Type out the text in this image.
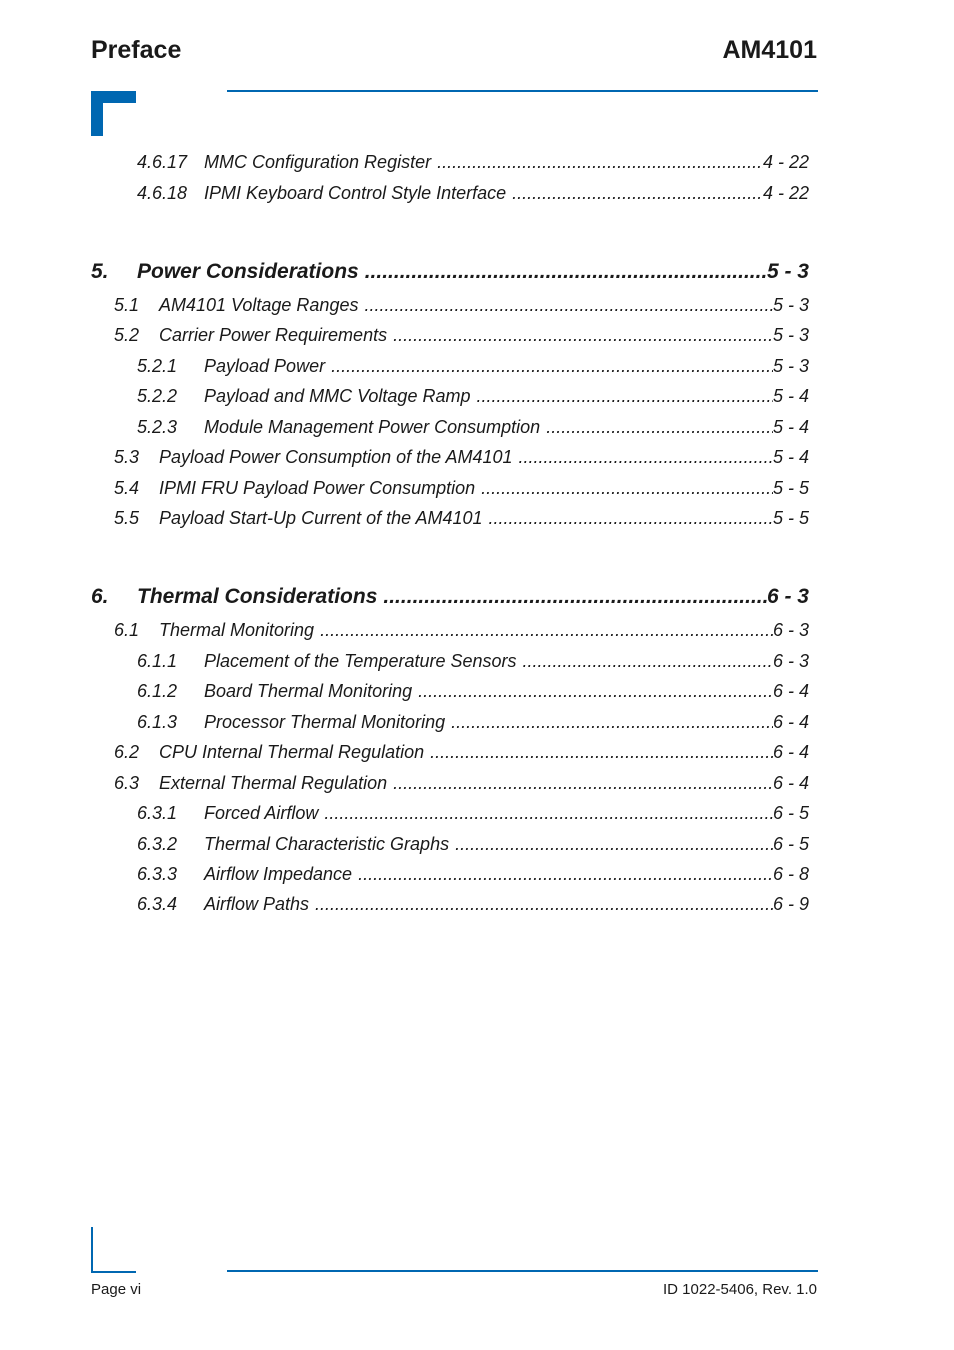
Preface	AM4101
4.6.17 MMC Configuration Register .....	4 - 22
4.6.18 IPMI Keyboard Control Style Interface .....	4 - 22
5.	Power Considerations .....	5 - 3
5.1	AM4101 Voltage Ranges .....	5 - 3
5.2	Carrier Power Requirements .....	5 - 3
5.2.1	Payload Power .....	5 - 3
5.2.2	Payload and MMC Voltage Ramp .....	5 - 4
5.2.3	Module Management Power Consumption .....	5 - 4
5.3	Payload Power Consumption of the AM4101 .....	5 - 4
5.4	IPMI FRU Payload Power Consumption .....	5 - 5
5.5	Payload Start-Up Current of the AM4101 .....	5 - 5
6.	Thermal Considerations .....	6 - 3
6.1	Thermal Monitoring .....	6 - 3
6.1.1	Placement of the Temperature Sensors .....	6 - 3
6.1.2	Board Thermal Monitoring .....	6 - 4
6.1.3	Processor Thermal Monitoring .....	6 - 4
6.2	CPU Internal Thermal Regulation .....	6 - 4
6.3	External Thermal Regulation .....	6 - 4
6.3.1	Forced Airflow .....	6 - 5
6.3.2	Thermal Characteristic Graphs .....	6 - 5
6.3.3	Airflow Impedance .....	6 - 8
6.3.4	Airflow Paths .....	6 - 9
Page vi	ID 1022-5406, Rev. 1.0
